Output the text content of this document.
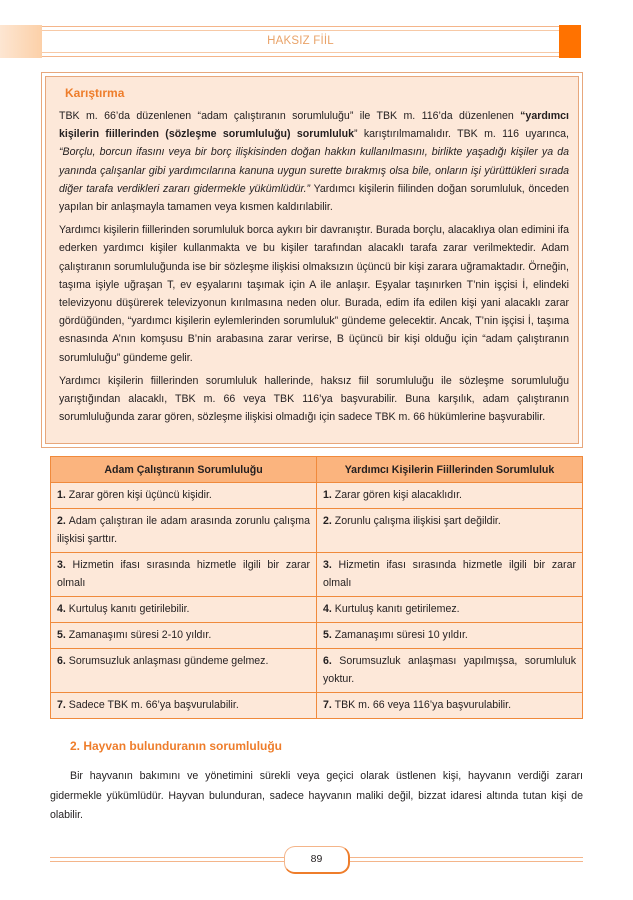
HAKSIZ FİİL
Karıştırma

TBK m. 66’da düzenlenen “adam çalıştıranın sorumluluğu” ile TBK m. 116’da düzenlenen “yardımcı kişilerin fiillerinden (sözleşme sorumluluğu) sorumluluk” karıştırılmamalıdır. TBK m. 116 uyarınca, “Borçlu, borcun ifasını veya bir borç ilişkisinden doğan hakkın kullanılmasını, birlikte yaşadığı kişiler ya da yanında çalışanlar gibi yardımcılarına kanuna uygun surette bırakmış olsa bile, onların işi yürüttükleri sırada diğer tarafa verdikleri zararı gidermekle yükümlüdür.” Yardımcı kişilerin fiilinden doğan sorumluluk, önceden yapılan bir anlaşmayla tamamen veya kısmen kaldırılabilir.

Yardımcı kişilerin fiillerinden sorumluluk borca aykırı bir davranıştır. Burada borçlu, alacaklıya olan edimini ifa ederken yardımcı kişiler kullanmakta ve bu kişiler tarafından alacaklı tarafa zarar verilmektedir. Adam çalıştıranın sorumluluğunda ise bir sözleşme ilişkisi olmaksızın üçüncü bir kişi zarara uğramaktadır. Örneğin, taşıma işiyle uğraşan T, ev eşyalarını taşımak için A ile anlaşır. Eşyalar taşınırken T’nin işçisi İ, elindeki televizyonu düşürerek televizyonun kırılmasına neden olur. Burada, edim ifa edilen kişi yani alacaklı zarar gördüğünden, “yardımcı kişilerin eylemlerinden sorumluluk” gündeme gelecektir. Ancak, T’nin işçisi İ, taşıma esnasında A’nın komşusu B’nin arabasına zarar verirse, B üçüncü bir kişi olduğu için “adam çalıştıranın sorumluluğu” gündeme gelir.

Yardımcı kişilerin fiillerinden sorumluluk hallerinde, haksız fiil sorumluluğu ile sözleşme sorumluluğu yarıştığından alacaklı, TBK m. 66 veya TBK 116’ya başvurabilir. Buna karşılık, adam çalıştıranın sorumluluğunda zarar gören, sözleşme ilişkisi olmadığı için sadece TBK m. 66 hükümlerine başvurabilir.

Adam Çalıştıranın Sorumluluğu	Yardımcı Kişilerin Fiillerinden Sorumluluk
1. Zarar gören kişi üçüncü kişidir.	1. Zarar gören kişi alacaklıdır.
2. Adam çalıştıran ile adam arasında zorunlu çalışma ilişkisi şarttır.	2. Zorunlu çalışma ilişkisi şart değildir.
3. Hizmetin ifası sırasında hizmetle ilgili bir zarar olmalı	3. Hizmetin ifası sırasında hizmetle ilgili bir zarar olmalı
4. Kurtuluş kanıtı getirilebilir.	4. Kurtuluş kanıtı getirilemez.
5. Zamanaşımı süresi 2-10 yıldır.	5. Zamanaşımı süresi 10 yıldır.
6. Sorumsuzluk anlaşması gündeme gelmez.	6. Sorumsuzluk anlaşması yapılmışsa, sorumluluk yoktur.
7. Sadece TBK m. 66’ya başvurulabilir.	7. TBK m. 66 veya 116’ya başvurulabilir.
2. Hayvan bulunduranın sorumluluğu
Bir hayvanın bakımını ve yönetimini sürekli veya geçici olarak üstlenen kişi, hayvanın verdiği zararı gidermekle yükümlüdür. Hayvan bulunduran, sadece hayvanın maliki değil, bizzat idaresi altında tutan kişi de olabilir.
89
